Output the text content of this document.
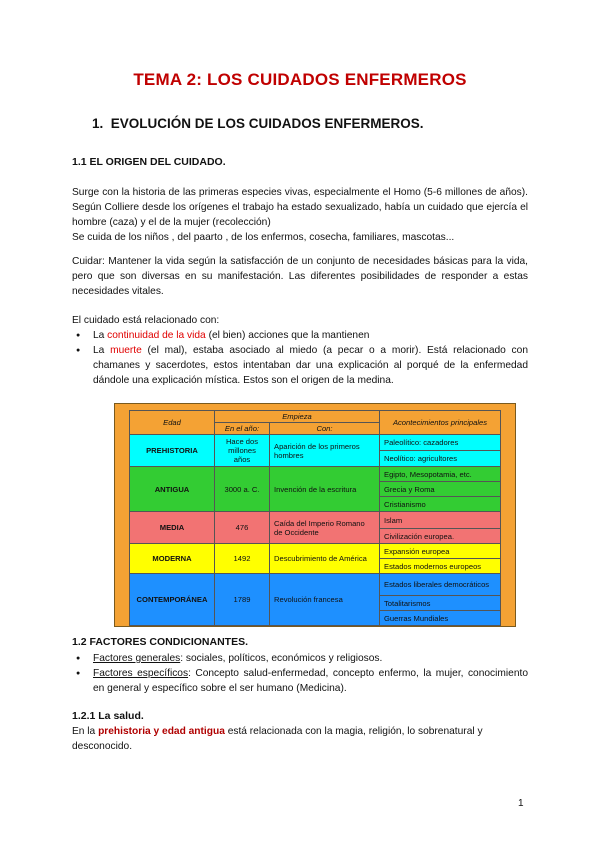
TEMA 2: LOS CUIDADOS ENFERMEROS
1. EVOLUCIÓN DE LOS CUIDADOS ENFERMEROS.
1.1 EL ORIGEN DEL CUIDADO.

Surge con la historia de las primeras especies vivas, especialmente el Homo (5-6 millones de años). Según Colliere desde los orígenes el trabajo ha estado sexualizado, había un cuidado que ejercía el hombre (caza) y el de la mujer (recolección)

Se cuida de los niños , del paarto , de los enfermos, cosecha, familiares, mascotas...

Cuidar: Mantener la vida según la satisfacción de un conjunto de necesidades básicas para la vida, pero que son diversas en su manifestación. Las diferentes posibilidades de responder a estas necesidades vitales.

El cuidado está relacionado con:

● La continuidad de la vida (el bien) acciones que la mantienen
● La muerte (el mal), estaba asociado al miedo (a pecar o a morir). Está relacionado con chamanes y sacerdotes, estos intentaban dar una explicación al porqué de la enfermedad dándole una explicación mística. Estos son el origen de la medina.
Edad	Empieza		Acontecimientos principales
	En el año:	Con:	
PREHISTORIA	Hace dos millones años	Aparición de los primeros hombres	Paleolítico: cazadores
			Neolítico: agricultores
ANTIGUA	3000 a. C.	Invención de la escritura	Egipto, Mesopotamia, etc.
			Grecia y Roma
			Cristianismo
MEDIA	476	Caída del Imperio Romano de Occidente	Islam
			Civilización europea.
MODERNA	1492	Descubrimiento de América	Expansión europea
			Estados modernos europeos
CONTEMPORÁNEA	1789	Revolución francesa	Estados liberales democráticos
			Totalitarismos
			Guerras Mundiales
1.2 FACTORES CONDICIONANTES.
● Factores generales: sociales, políticos, económicos y religiosos.
● Factores específicos: Concepto salud-enfermedad, concepto enfermo, la mujer, conocimiento en general y específico sobre el ser humano (Medicina).
1.2.1 La salud.

En la prehistoria y edad antigua está relacionada con la magia, religión, lo sobrenatural y desconocido.

1
